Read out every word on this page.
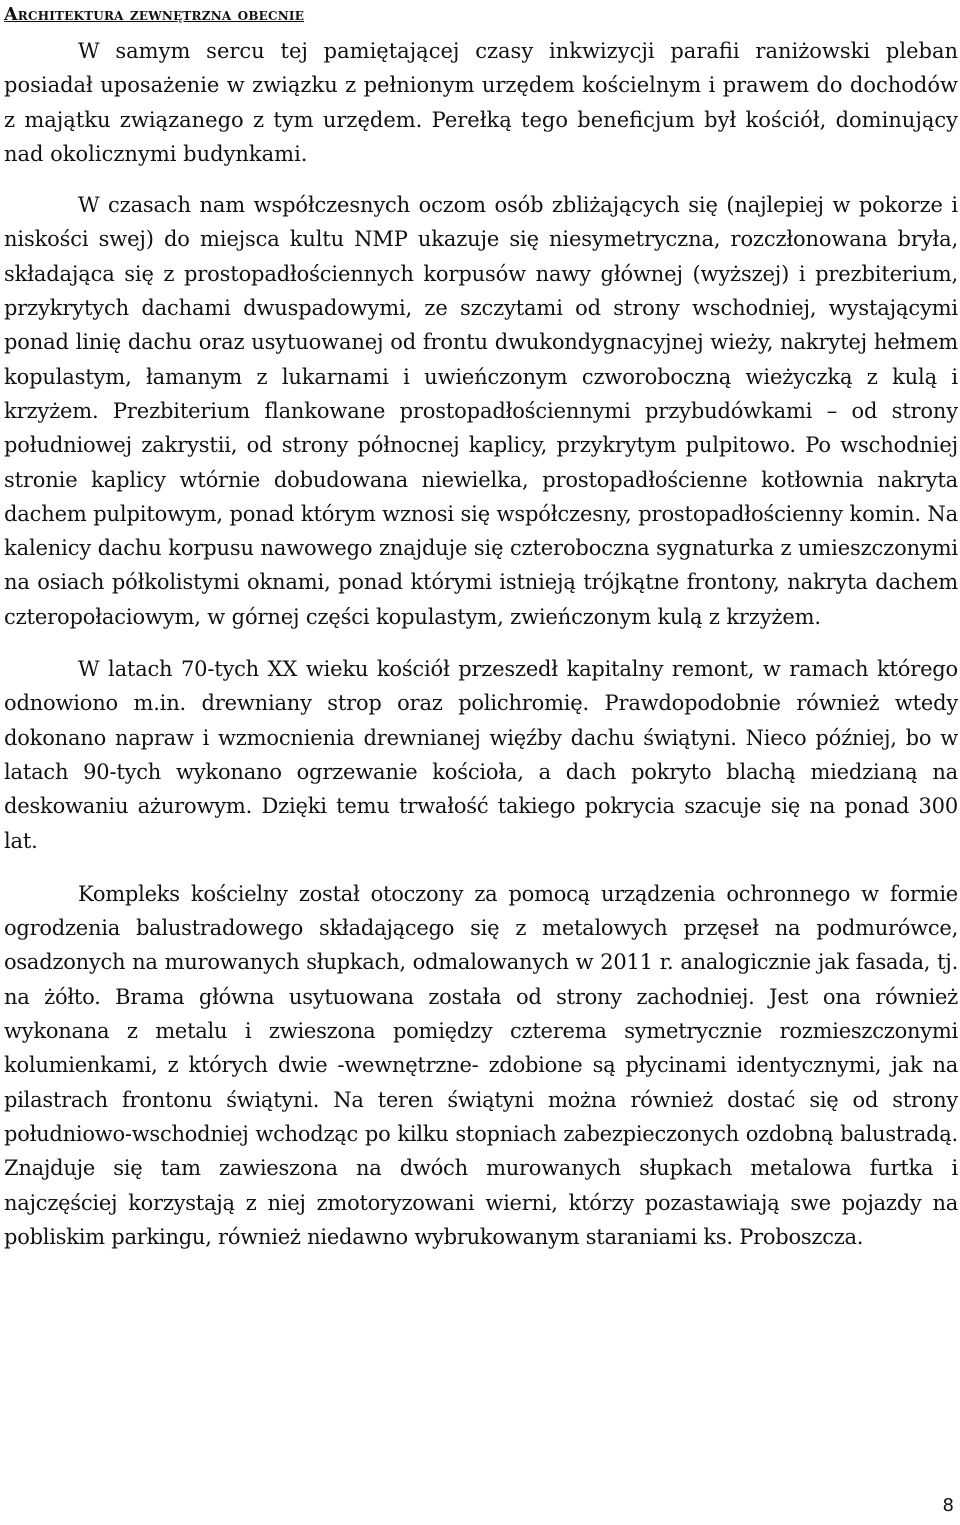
Architektura zewnętrzna obecnie

W samym sercu tej pamiętającej czasy inkwizycji parafii raniżowski pleban posiadał uposażenie w związku z pełnionym urzędem kościelnym i prawem do dochodów z majątku związanego z tym urzędem. Perełką tego beneficjum był kościół, dominujący nad okolicznymi budynkami.

W czasach nam współczesnych oczom osób zbliżających się (najlepiej w pokorze i niskości swej) do miejsca kultu NMP ukazuje się niesymetryczna, rozczłonowana bryła, składająca się z prostopadłościennych korpusów nawy głównej (wyższej) i prezbiterium, przykrytych dachami dwuspadowymi, ze szczytami od strony wschodniej, wystającymi ponad linię dachu oraz usytuowanej od frontu dwukondygnacyjnej wieży, nakrytej hełmem kopulastym, łamanym z lukarnami i uwieńczonym czworoboczną wieżyczką z kulą i krzyżem. Prezbiterium flankowane prostopadłościennymi przybudówkami – od strony południowej zakrystii, od strony północnej kaplicy, przykrytym pulpitowo. Po wschodniej stronie kaplicy wtórnie dobudowana niewielka, prostopadłościenne kotłownia nakryta dachem pulpitowym, ponad którym wznosi się współczesny, prostopadłościenny komin. Na kalenicy dachu korpusu nawowego znajduje się czteroboczna sygnaturka z umieszczonymi na osiach półkolistymi oknami, ponad którymi istnieją trójkątne frontony, nakryta dachem czteropołaciowym, w górnej części kopulastym, zwieńczonym kulą z krzyżem.

W latach 70-tych XX wieku kościół przeszedł kapitalny remont, w ramach którego odnowiono m.in. drewniany strop oraz polichromię. Prawdopodobnie również wtedy dokonano napraw i wzmocnienia drewnianej więźby dachu świątyni. Nieco później, bo w latach 90-tych wykonano ogrzewanie kościoła, a dach pokryto blachą miedzianą na deskowaniu ażurowym. Dzięki temu trwałość takiego pokrycia szacuje się na ponad 300 lat.

Kompleks kościelny został otoczony za pomocą urządzenia ochronnego w formie ogrodzenia balustradowego składającego się z metalowych przęseł na podmurówce, osadzonych na murowanych słupkach, odmalowanych w 2011 r. analogicznie jak fasada, tj. na żółto. Brama główna usytuowana została od strony zachodniej. Jest ona również wykonana z metalu i zwieszona pomiędzy czterema symetrycznie rozmieszczonymi kolumienkami, z których dwie -wewnętrzne- zdobione są płycinami identycznymi, jak na pilastrach frontonu świątyni. Na teren świątyni można również dostać się od strony południowo-wschodniej wchodząc po kilku stopniach zabezpieczonych ozdobną balustradą. Znajduje się tam zawieszona na dwóch murowanych słupkach metalowa furtka i najczęściej korzystają z niej zmotoryzowani wierni, którzy pozastawiają swe pojazdy na pobliskim parkingu, również niedawno wybrukowanym staraniami ks. Proboszcza.

8
